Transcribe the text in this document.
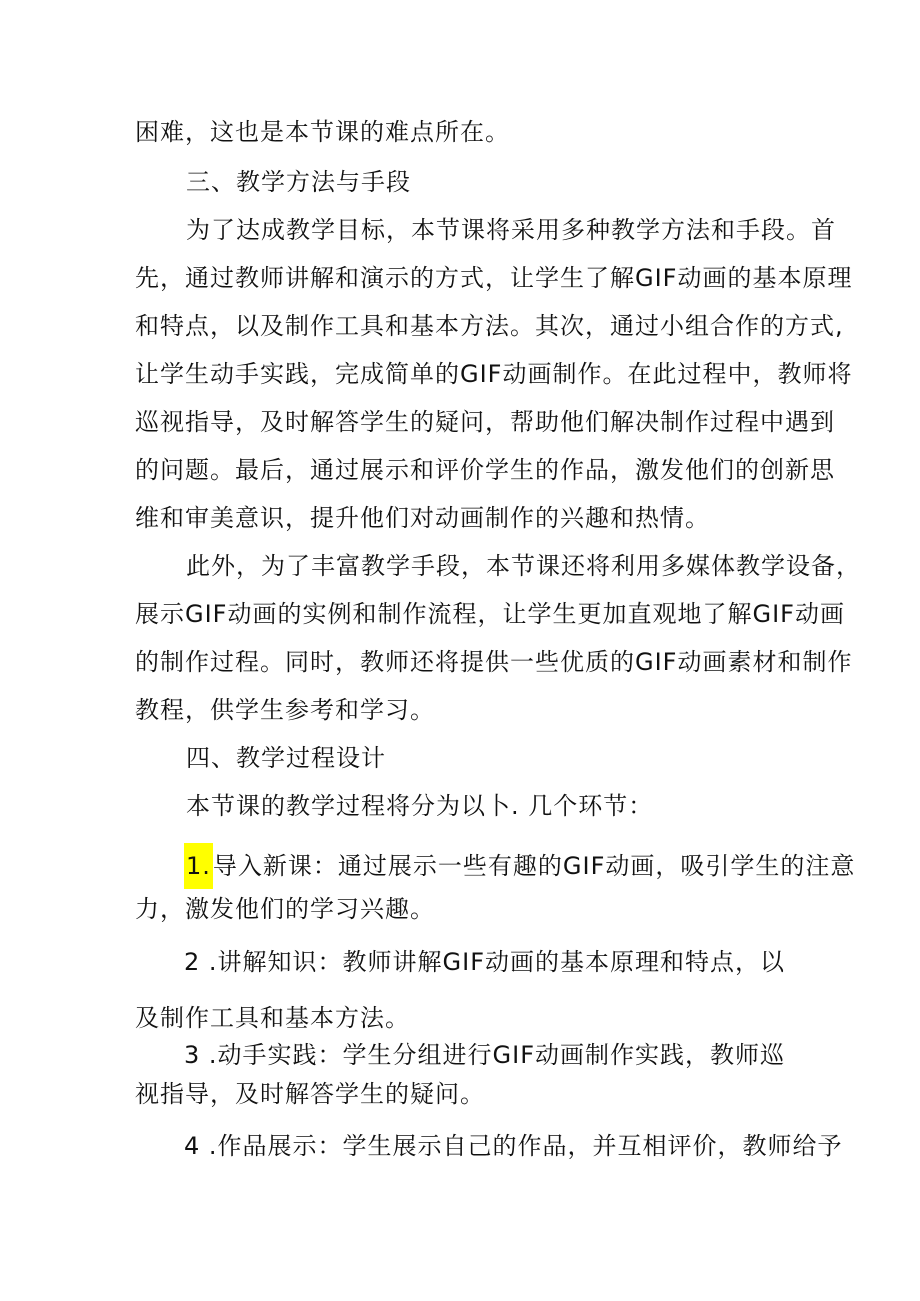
困难，这也是本节课的难点所在。
三、教学方法与手段
为了达成教学目标，本节课将采用多种教学方法和手段。首
先，通过教师讲解和演示的方式，让学生了解GIF动画的基本原理
和特点，以及制作工具和基本方法。其次，通过小组合作的方式,
让学生动手实践，完成简单的GIF动画制作。在此过程中，教师将
巡视指导，及时解答学生的疑问，帮助他们解决制作过程中遇到
的问题。最后，通过展示和评价学生的作品，激发他们的创新思
维和审美意识，提升他们对动画制作的兴趣和热情。
此外，为了丰富教学手段，本节课还将利用多媒体教学设备，
展示GIF动画的实例和制作流程，让学生更加直观地了解GIF动画
的制作过程。同时，教师还将提供一些优质的GIF动画素材和制作
教程，供学生参考和学习。
四、教学过程设计
本节课的教学过程将分为以卜. 几个环节：
1.导入新课：通过展示一些有趣的GIF动画，吸引学生的注意
力，激发他们的学习兴趣。
2 .讲解知识：教师讲解GIF动画的基本原理和特点，以
及制作工具和基本方法。
3 .动手实践：学生分组进行GIF动画制作实践，教师巡
视指导，及时解答学生的疑问。
4 .作品展示：学生展示自己的作品，并互相评价，教师给予
